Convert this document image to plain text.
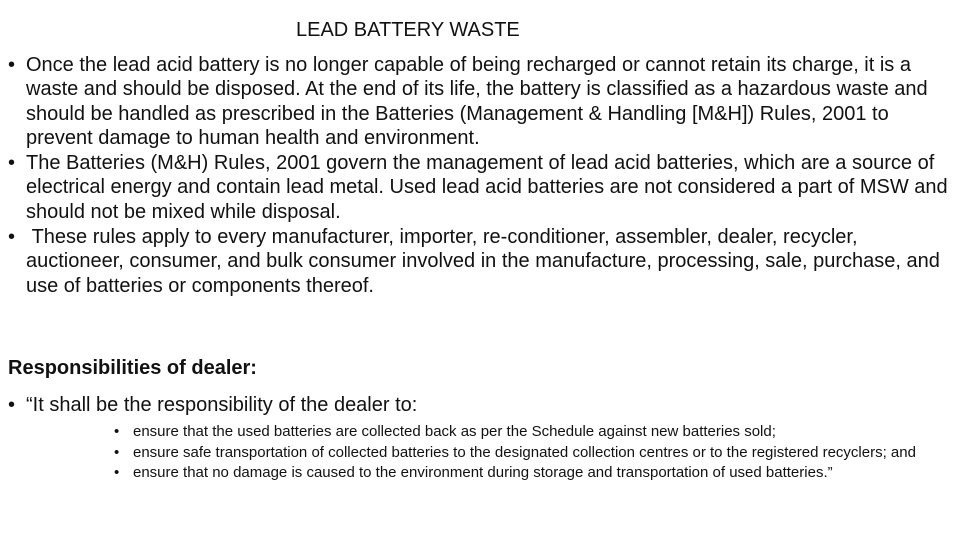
LEAD BATTERY WASTE
• Once the lead acid battery is no longer capable of being recharged or cannot retain its charge, it is a waste and should be disposed. At the end of its life, the battery is classified as a hazardous waste and should be handled as prescribed in the Batteries (Management & Handling [M&H]) Rules, 2001 to prevent damage to human health and environment.
• The Batteries (M&H) Rules, 2001 govern the management of lead acid batteries, which are a source of electrical energy and contain lead metal. Used lead acid batteries are not considered a part of MSW and should not be mixed while disposal.
• These rules apply to every manufacturer, importer, re-conditioner, assembler, dealer, recycler, auctioneer, consumer, and bulk consumer involved in the manufacture, processing, sale, purchase, and use of batteries or components thereof.

Responsibilities of dealer:

• “It shall be the responsibility of the dealer to:
• ensure that the used batteries are collected back as per the Schedule against new batteries sold;
• ensure safe transportation of collected batteries to the designated collection centres or to the registered recyclers; and
• ensure that no damage is caused to the environment during storage and transportation of used batteries.”
